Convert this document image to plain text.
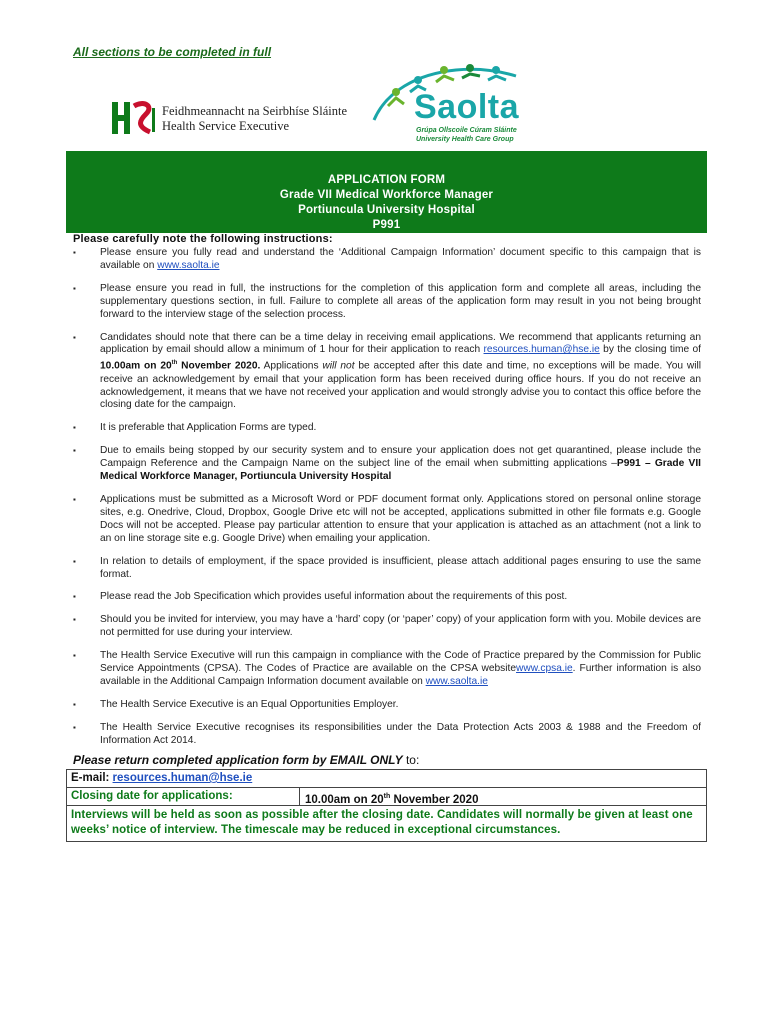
All sections to be completed in full
Feidhmeannacht na Seirbhíse Sláinte
Health Service Executive	Saolta
Grúpa Ollscoile Cúram Sláinte
University Health Care Group
APPLICATION FORM
Grade VII Medical Workforce Manager
Portiuncula University Hospital
P991
Please carefully note the following instructions:
▪ Please ensure you fully read and understand the ‘Additional Campaign Information’ document specific to this campaign that is available on www.saolta.ie
▪ Please ensure you read in full, the instructions for the completion of this application form and complete all areas, including the supplementary questions section, in full. Failure to complete all areas of the application form may result in you not being brought forward to the interview stage of the selection process.
▪ Candidates should note that there can be a time delay in receiving email applications. We recommend that applicants returning an application by email should allow a minimum of 1 hour for their application to reach resources.human@hse.ie by the closing time of 10.00am on 20th November 2020. Applications will not be accepted after this date and time, no exceptions will be made. You will receive an acknowledgement by email that your application form has been received during office hours. If you do not receive an acknowledgement, it means that we have not received your application and would strongly advise you to contact this office before the closing date for the campaign.
▪ It is preferable that Application Forms are typed.
▪ Due to emails being stopped by our security system and to ensure your application does not get quarantined, please include the Campaign Reference and the Campaign Name on the subject line of the email when submitting applications –P991 – Grade VII Medical Workforce Manager, Portiuncula University Hospital
▪ Applications must be submitted as a Microsoft Word or PDF document format only. Applications stored on personal online storage sites, e.g. Onedrive, Cloud, Dropbox, Google Drive etc will not be accepted, applications submitted in other file formats e.g. Google Docs will not be accepted. Please pay particular attention to ensure that your application is attached as an attachment (not a link to an on line storage site e.g. Google Drive) when emailing your application.
▪ In relation to details of employment, if the space provided is insufficient, please attach additional pages ensuring to use the same format.
▪ Please read the Job Specification which provides useful information about the requirements of this post.
▪ Should you be invited for interview, you may have a ‘hard’ copy (or ‘paper’ copy) of your application form with you. Mobile devices are not permitted for use during your interview.
▪ The Health Service Executive will run this campaign in compliance with the Code of Practice prepared by the Commission for Public Service Appointments (CPSA). The Codes of Practice are available on the CPSA websitewww.cpsa.ie. Further information is also available in the Additional Campaign Information document available on www.saolta.ie
▪ The Health Service Executive is an Equal Opportunities Employer.
▪ The Health Service Executive recognises its responsibilities under the Data Protection Acts 2003 & 1988 and the Freedom of Information Act 2014.
Please return completed application form by EMAIL ONLY to:
E-mail: resources.human@hse.ie
Closing date for applications:	10.00am on 20th November 2020
Interviews will be held as soon as possible after the closing date. Candidates will normally be given at least one weeks’ notice of interview. The timescale may be reduced in exceptional circumstances.
